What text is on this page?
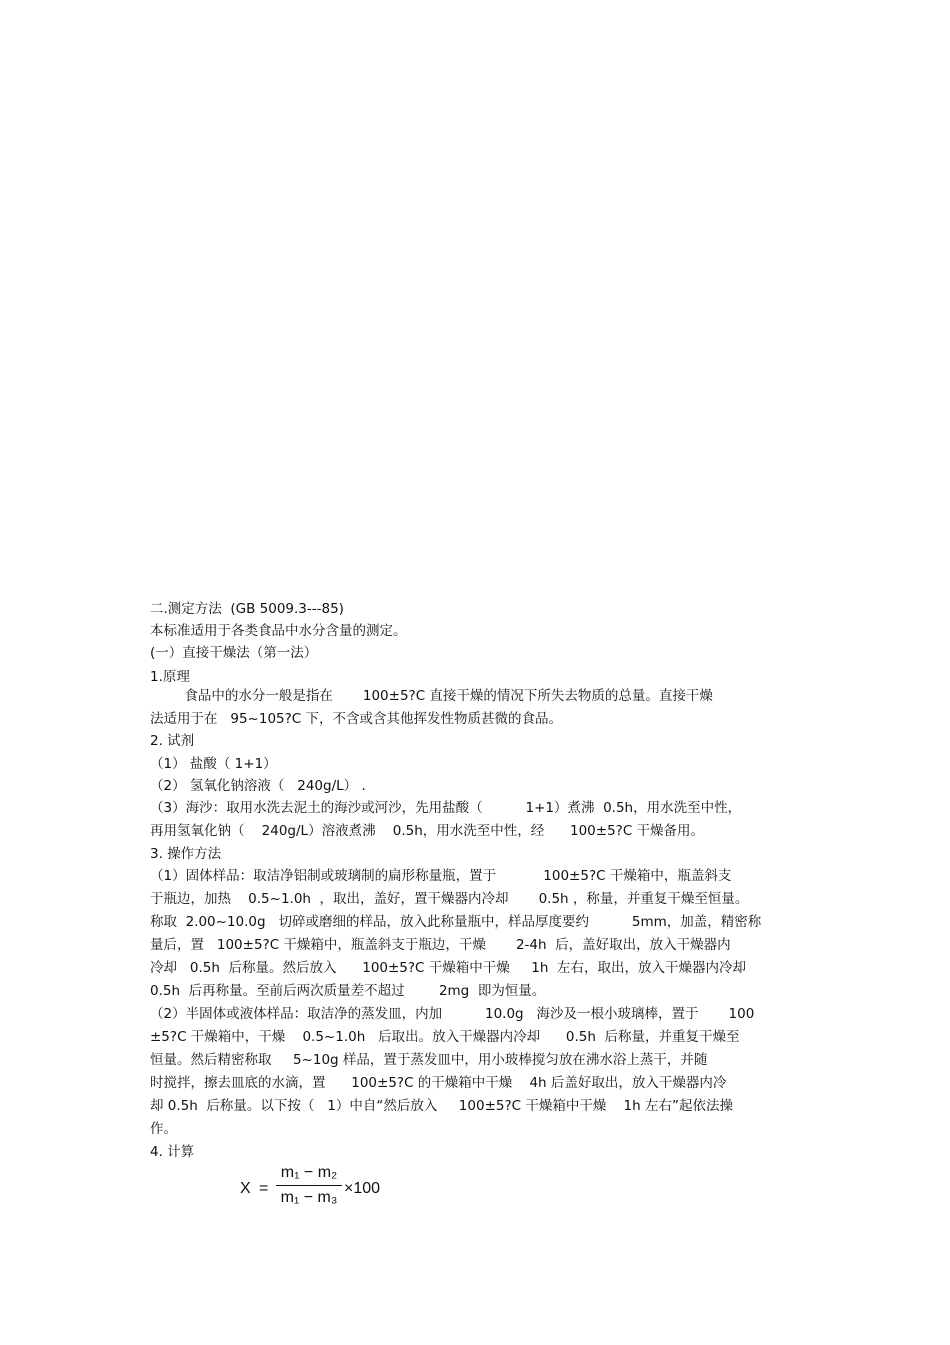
二.测定方法  (GB 5009.3---85)
本标准适用于各类食品中水分含量的测定。
(一）直接干燥法（第一法）
1.原理
食品中的水分一般是指在       100±5?C 直接干燥的情况下所失去物质的总量。直接干燥
法适用于在   95~105?C 下，不含或含其他挥发性物质甚微的食品。
2. 试剂
（1） 盐酸（ 1+1）
（2） 氢氧化钠溶液（   240g/L） .
（3）海沙：取用水洗去泥土的海沙或河沙，先用盐酸（          1+1）煮沸  0.5h，用水洗至中性，
再用氢氧化钠（    240g/L）溶液煮沸    0.5h，用水洗至中性，经      100±5?C 干燥备用。
3. 操作方法
（1）固体样品：取洁净铝制或玻璃制的扁形称量瓶，置于           100±5?C 干燥箱中，瓶盖斜支
于瓶边，加热    0.5~1.0h  ，取出，盖好，置干燥器内冷却       0.5h ，称量，并重复干燥至恒量。
称取  2.00~10.0g   切碎或磨细的样品，放入此称量瓶中，样品厚度要约          5mm，加盖，精密称
量后，置   100±5?C 干燥箱中，瓶盖斜支于瓶边，干燥       2-4h  后，盖好取出，放入干燥器内
冷却   0.5h  后称量。然后放入      100±5?C 干燥箱中干燥     1h  左右，取出，放入干燥器内冷却
0.5h  后再称量。至前后两次质量差不超过        2mg  即为恒量。
（2）半固体或液体样品：取洁净的蒸发皿，内加          10.0g   海沙及一根小玻璃棒，置于       100
±5?C 干燥箱中，干燥    0.5~1.0h   后取出。放入干燥器内冷却      0.5h  后称量，并重复干燥至
恒量。然后精密称取     5~10g 样品，置于蒸发皿中，用小玻棒搅匀放在沸水浴上蒸干，并随
时搅拌，擦去皿底的水滴，置      100±5?C 的干燥箱中干燥    4h 后盖好取出，放入干燥器内冷
却 0.5h  后称量。以下按（   1）中自“然后放入     100±5?C 干燥箱中干燥    1h 左右”起依法操
作。
4. 计算
X =
m₁ − m₂
m₁ − m₃
×100
